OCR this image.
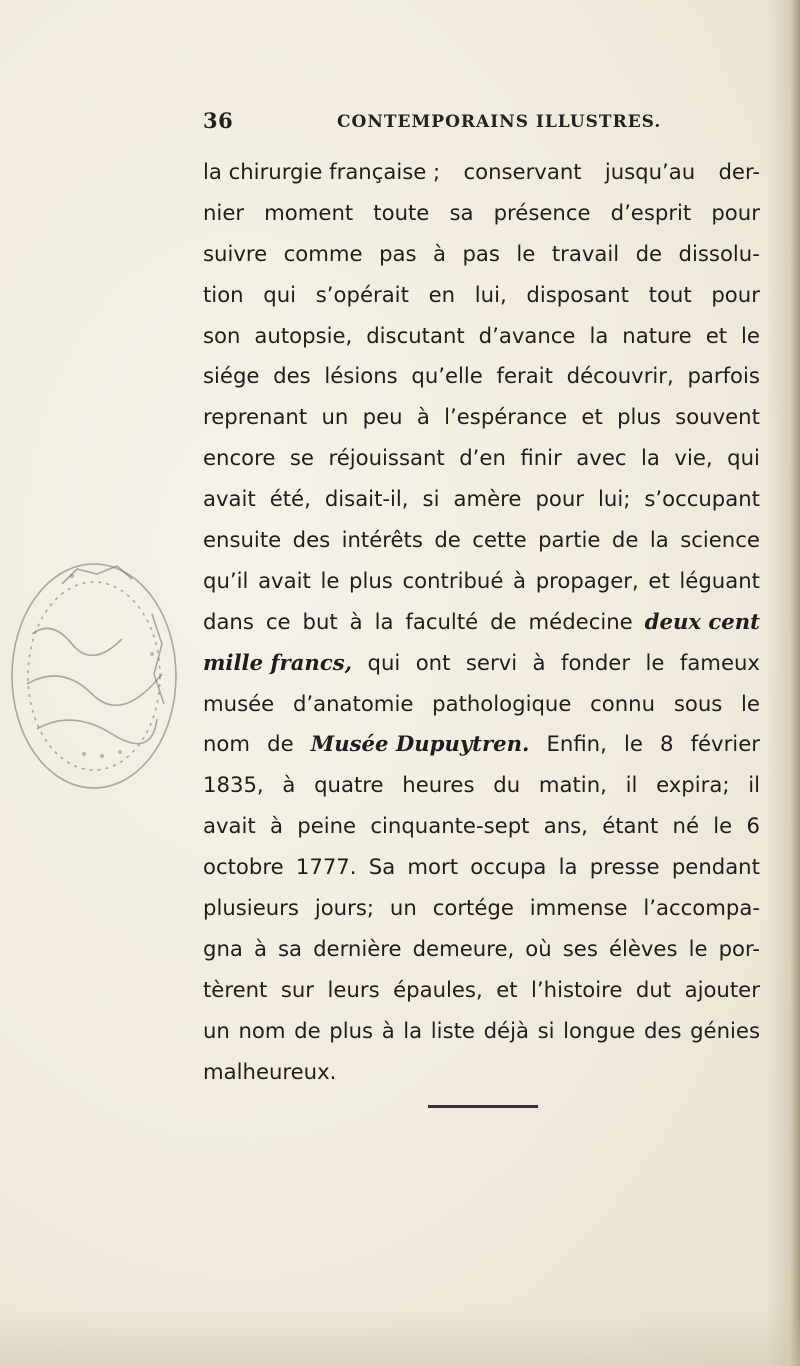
36	CONTEMPORAINS ILLUSTRES.
la chirurgie française ; conservant jusqu’au der-
nier moment toute sa présence d’esprit pour
suivre comme pas à pas le travail de dissolu-
tion qui s’opérait en lui, disposant tout pour
son autopsie, discutant d’avance la nature et le
siége des lésions qu’elle ferait découvrir, parfois
reprenant un peu à l’espérance et plus souvent
encore se réjouissant d’en finir avec la vie, qui
avait été, disait-il, si amère pour lui; s’occupant
ensuite des intérêts de cette partie de la science
qu’il avait le plus contribué à propager, et léguant
dans ce but à la faculté de médecine deux cent
mille francs, qui ont servi à fonder le fameux
musée d’anatomie pathologique connu sous le
nom de Musée Dupuytren. Enfin, le 8 février
1835, à quatre heures du matin, il expira; il
avait à peine cinquante-sept ans, étant né le 6
octobre 1777. Sa mort occupa la presse pendant
plusieurs jours; un cortége immense l’accompa-
gna à sa dernière demeure, où ses élèves le por-
tèrent sur leurs épaules, et l’histoire dut ajouter
un nom de plus à la liste déjà si longue des génies
malheureux.
